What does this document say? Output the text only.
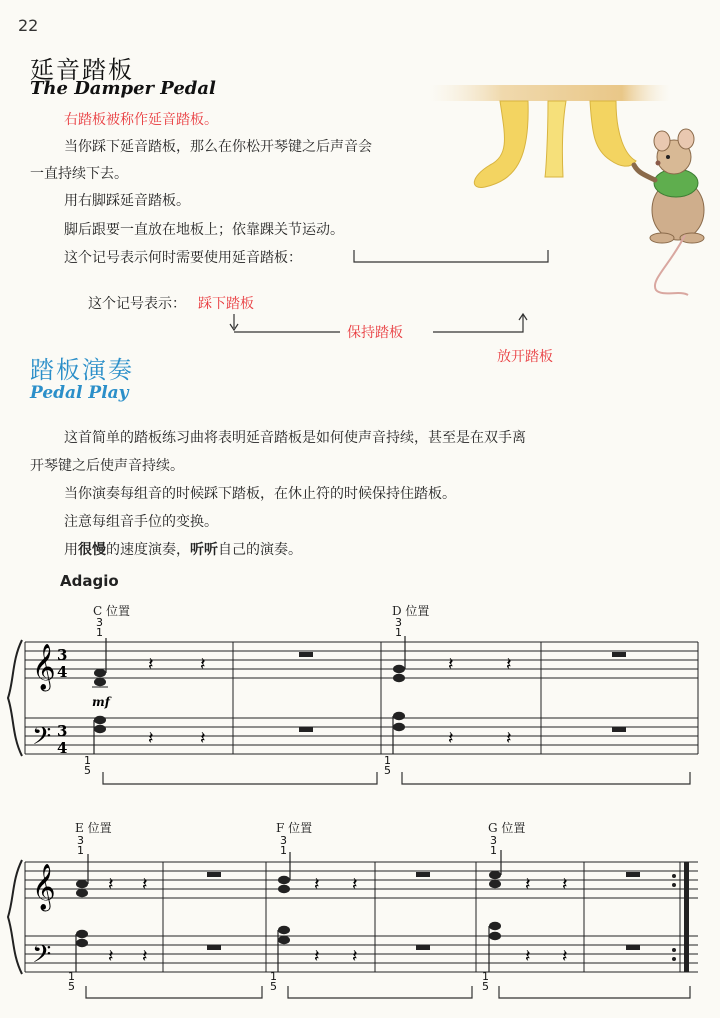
22
延音踏板
The Damper Pedal
右踏板被称作延音踏板。
当你踩下延音踏板，那么在你松开琴键之后声音会
一直持续下去。
用右脚踩延音踏板。
脚后跟要一直放在地板上；依靠踝关节运动。
这个记号表示何时需要使用延音踏板：
这个记号表示： 踩下踏板
保持踏板
放开踏板
踏板演奏
Pedal Play
这首简单的踏板练习曲将表明延音踏板是如何使声音持续，甚至是在双手离
开琴键之后使声音持续。
当你演奏每组音的时候踩下踏板，在休止符的时候保持住踏板。
注意每组音手位的变换。
用很慢的速度演奏，听听自己的演奏。
Adagio
C 位置	D 位置
E 位置	F 位置	G 位置
3
1
3
1
3
1
3
1
3
1
1
5
1
5
1
5
1
5
1
5
𝄞
𝄢
3
4
3
4
mf
𝄽	𝄽	𝄽	𝄽
𝄽	𝄽	𝄽	𝄽
𝄞
𝄢
𝄽 𝄽	𝄽 𝄽	𝄽 𝄽
𝄽 𝄽	𝄽 𝄽	𝄽 𝄽
